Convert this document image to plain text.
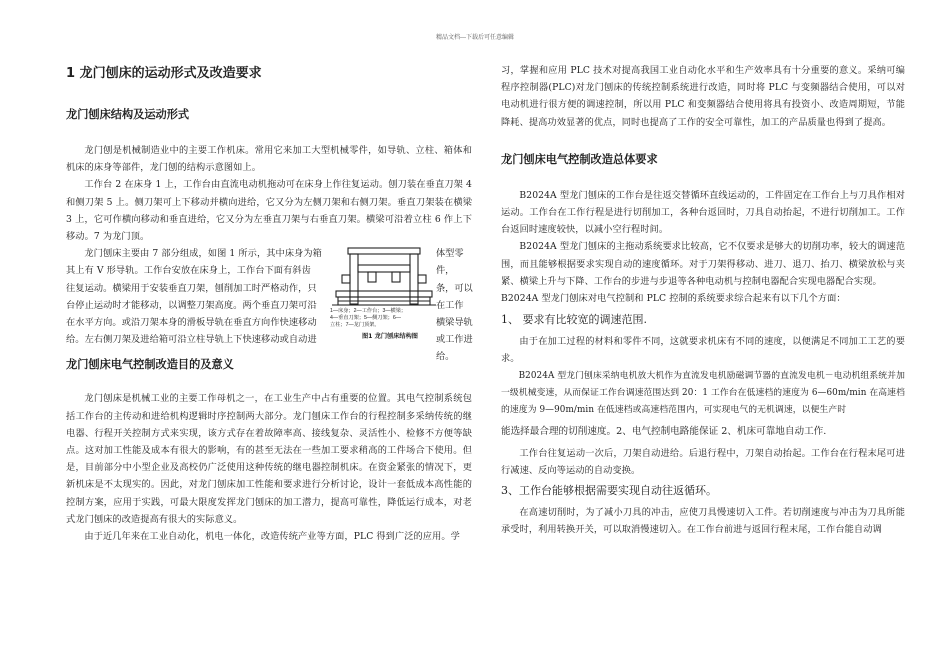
精品文档---下载后可任意编辑
1 龙门刨床的运动形式及改造要求
龙门刨床结构及运动形式

龙门刨是机械制造业中的主要工作机床。常用它来加工大型机械零件，如导轨、立柱、箱体和机床的床身等部件，龙门刨的结构示意图如上。

工作台 2 在床身 1 上，工作台由直流电动机拖动可在床身上作往复运动。刨刀装在垂直刀架 4 和侧刀架 5 上。侧刀架可上下移动并横向进给，它又分为左侧刀架和右侧刀架。垂直刀架装在横梁 3 上，它可作横向移动和垂直进给，它又分为左垂直刀架与右垂直刀架。横梁可沿着立柱 6 作上下移动。7 为龙门顶。

龙门刨床主要由 7 部分组成，如图 1 所示，其中床身为箱

其上有 V 形导轨。工作台安放在床身上，工作台下面有斜齿

往复运动。横梁用于安装垂直刀架，刨削加工时严格动作，只

台停止运动时才能移动，以调整刀架高度。两个垂直刀架可沿

在水平方向。或沿刀架本身的滑板导轨在垂直方向作快速移动

给。左右侧刀架及进给箱可沿立柱导轨上下快速移动或自动进

体型零件，
条，可以
在工作
横梁导轨
或工作进
给。
1—床身；2—工作台；3—横梁；
4—垂直刀架；5—侧刀架；6—
立柱；7—龙门顶架。
图1 龙门刨床结构图
龙门刨床电气控制改造目的及意义

龙门刨床是机械工业的主要工作母机之一，在工业生产中占有重要的位置。其电气控制系统包括工作台的主传动和进给机构逻辑时序控制两大部分。龙门刨床工作台的行程控制多采纳传统的继电器、行程开关控制方式来实现，该方式存在着故障率高、接线复杂、灵活性小、检修不方便等缺点。这对加工性能及成本有很大的影响，有的甚至无法在一些加工要求稍高的工件场合下使用。但是，目前部分中小型企业及高校仍广泛使用这种传统的继电器控制机床。在资金紧张的情况下，更新机床是不太现实的。因此，对龙门刨床加工性能和要求进行分析讨论，设计一套低成本高性能的控制方案，应用于实践，可最大限度发挥龙门刨床的加工潜力，提高可靠性，降低运行成本，对老式龙门刨床的改造提高有很大的实际意义。

由于近几年来在工业自动化，机电一体化，改造传统产业等方面，PLC 得到广泛的应用。学

习，掌握和应用 PLC 技术对提高我国工业自动化水平和生产效率具有十分重要的意义。采纳可编程序控制器(PLC)对龙门刨床的传统控制系统进行改造，同时将 PLC 与变频器结合使用，可以对电动机进行很方便的调速控制，所以用 PLC 和变频器结合使用将具有投资小、改造周期短，节能降耗、提高功效显著的优点，同时也提高了工作的安全可靠性，加工的产品质量也得到了提高。

龙门刨床电气控制改造总体要求

B2024A 型龙门刨床的工作台是往返交替循环直线运动的，工件固定在工作台上与刀具作相对运动。工作台在工作行程是进行切削加工，各种台返回时，刀具自动抬起，不进行切削加工。工作台返回时速度较快，以减小空行程时间。

B2024A 型龙门刨床的主拖动系统要求比较高，它不仅要求是够大的切削功率，较大的调速范围，而且能够根据要求实现自动的速度循环。对于刀架得移动、进刀、退刀、抬刀、横梁放松与夹紧、横梁上升与下降、工作台的步进与步退等各种电动机与控制电器配合实现电器配合实现。

B2024A 型龙门刨床对电气控制和 PLC 控制的系统要求综合起来有以下几个方面：

1、 要求有比较宽的调速范围.

由于在加工过程的材料和零件不同，这就要求机床有不同的速度，以便满足不同加工工艺的要求。

B2024A 型龙门刨床采纳电机放大机作为直流发电机励磁调节器的直流发电机－电动机组系统并加一级机械变速，从而保证工作台调速范围达到 20：1 工作台在低速档的速度为 6—60m/min 在高速档的速度为 9—90m/min 在低速档或高速档范围内，可实现电气的无机调速，以便生产时

能选择最合理的切削速度。2、电气控制电路能保证 2、机床可靠地自动工作.

工作台往复运动一次后，刀架自动进给。后退行程中，刀架自动抬起。工作台在行程末尾可进行减速、反向等运动的自动变换。

3、工作台能够根据需要实现自动往返循环。

在高速切削时，为了减小刀具的冲击，应使刀具慢速切入工件。若切削速度与冲击为刀具所能承受时，利用转换开关，可以取消慢速切入。在工作台前进与返回行程末尾，工作台能自动调
